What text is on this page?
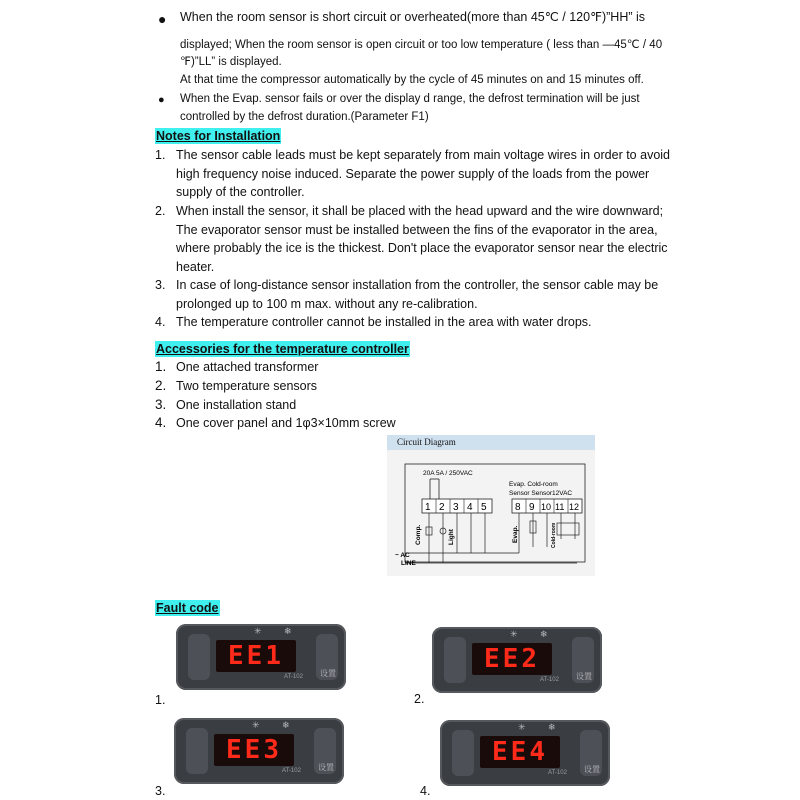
● When the room sensor is short circuit or overheated(more than 45℃ / 120℉)”HH” is
displayed; When the room sensor is open circuit or too low temperature ( less than —45℃ / 40
℉)”LL” is displayed.
At that time the compressor automatically by the cycle of 45 minutes on and 15 minutes off.
● When the Evap. sensor fails or over the display d range, the defrost termination will be just
controlled by the defrost duration.(Parameter F1)
Notes for Installation
1. The sensor cable leads must be kept separately from main voltage wires in order to avoid
high frequency noise induced. Separate the power supply of the loads from the power
supply of the controller.
2. When install the sensor, it shall be placed with the head upward and the wire downward;
The evaporator sensor must be installed between the fins of the evaporator in the area,
where probably the ice is the thickest. Don't place the evaporator sensor near the electric
heater.
3. In case of long-distance sensor installation from the controller, the sensor cable may be
prolonged up to 100 m max. without any re-calibration.
4. The temperature controller cannot be installed in the area with water drops.
Accessories for the temperature controller
1. One attached transformer
2. Two temperature sensors
3. One installation stand
4. One cover panel and 1φ3×10mm screw
Circuit Diagram
20A 5A / 250VAC
Evap. Cold-room
Sensor Sensor12VAC
1 2 3 4 5	8 9 10 11 12
Comp.	Light	Evap.	Cold-room
~ AC
LINE
Fault code
✳ ❄
EE1
AT-102 设置
1.
✳ ❄
EE2
AT-102 设置
2.
✳ ❄
EE3
AT-102 设置
3.
✳ ❄
EE4
AT-102 设置
4.
